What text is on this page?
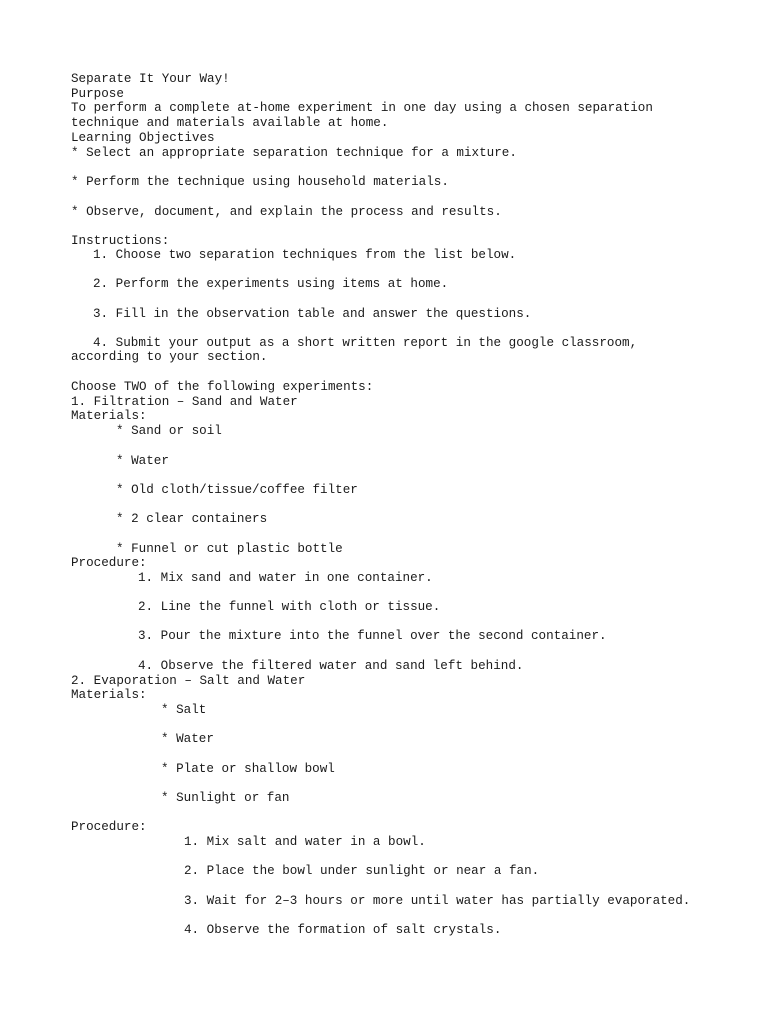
Separate It Your Way!
Purpose
To perform a complete at-home experiment in one day using a chosen separation
technique and materials available at home.
Learning Objectives
* Select an appropriate separation technique for a mixture.
* Perform the technique using household materials.
* Observe, document, and explain the process and results.
Instructions:
1. Choose two separation techniques from the list below.
2. Perform the experiments using items at home.
3. Fill in the observation table and answer the questions.
4. Submit your output as a short written report in the google classroom,
according to your section.
Choose TWO of the following experiments:
1. Filtration – Sand and Water
Materials:
* Sand or soil
* Water
* Old cloth/tissue/coffee filter
* 2 clear containers
* Funnel or cut plastic bottle
Procedure:
1. Mix sand and water in one container.
2. Line the funnel with cloth or tissue.
3. Pour the mixture into the funnel over the second container.
4. Observe the filtered water and sand left behind.
2. Evaporation – Salt and Water
Materials:
* Salt
* Water
* Plate or shallow bowl
* Sunlight or fan
Procedure:
1. Mix salt and water in a bowl.
2. Place the bowl under sunlight or near a fan.
3. Wait for 2–3 hours or more until water has partially evaporated.
4. Observe the formation of salt crystals.
